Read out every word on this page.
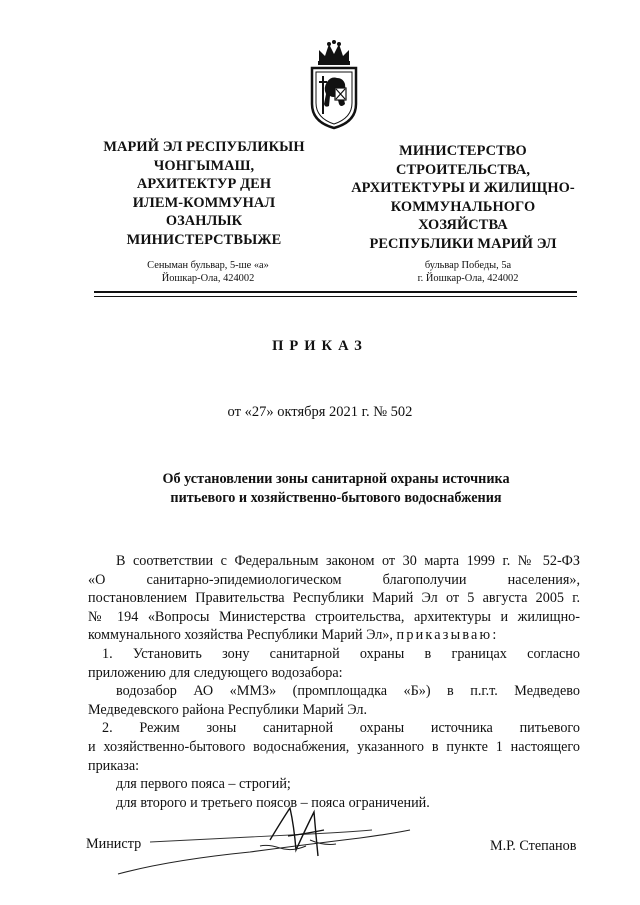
МАРИЙ ЭЛ РЕСПУБЛИКЫН
ЧОНГЫМАШ,
АРХИТЕКТУР ДЕН
ИЛЕМ-КОММУНАЛ
ОЗАНЛЫК
МИНИСТЕРСТВЫЖЕ
МИНИСТЕРСТВО
СТРОИТЕЛЬСТВА,
АРХИТЕКТУРЫ И ЖИЛИЩНО-
КОММУНАЛЬНОГО
ХОЗЯЙСТВА
РЕСПУБЛИКИ МАРИЙ ЭЛ
Сеныман бульвар, 5-ше «а»
Йошкар-Ола, 424002
бульвар Победы, 5а
г. Йошкар-Ола, 424002
ПРИКАЗ
от «27» октября 2021 г. № 502
Об установлении зоны санитарной охраны источника
питьевого и хозяйственно-бытового водоснабжения

В соответствии с Федеральным законом от 30 марта 1999 г. № 52-ФЗ

«О санитарно-эпидемиологическом благополучии населения»,

постановлением Правительства Республики Марий Эл от 5 августа 2005 г.

№ 194 «Вопросы Министерства строительства, архитектуры и жилищно-

коммунального хозяйства Республики Марий Эл», приказываю:

1. Установить зону санитарной охраны в границах согласно

приложению для следующего водозабора:

водозабор АО «ММЗ» (промплощадка «Б») в п.г.т. Медведево

Медведевского района Республики Марий Эл.

2. Режим зоны санитарной охраны источника питьевого

и хозяйственно-бытового водоснабжения, указанного в пункте 1 настоящего

приказа:

для первого пояса – строгий;

для второго и третьего поясов – пояса ограничений.

Министр	М.Р. Степанов
